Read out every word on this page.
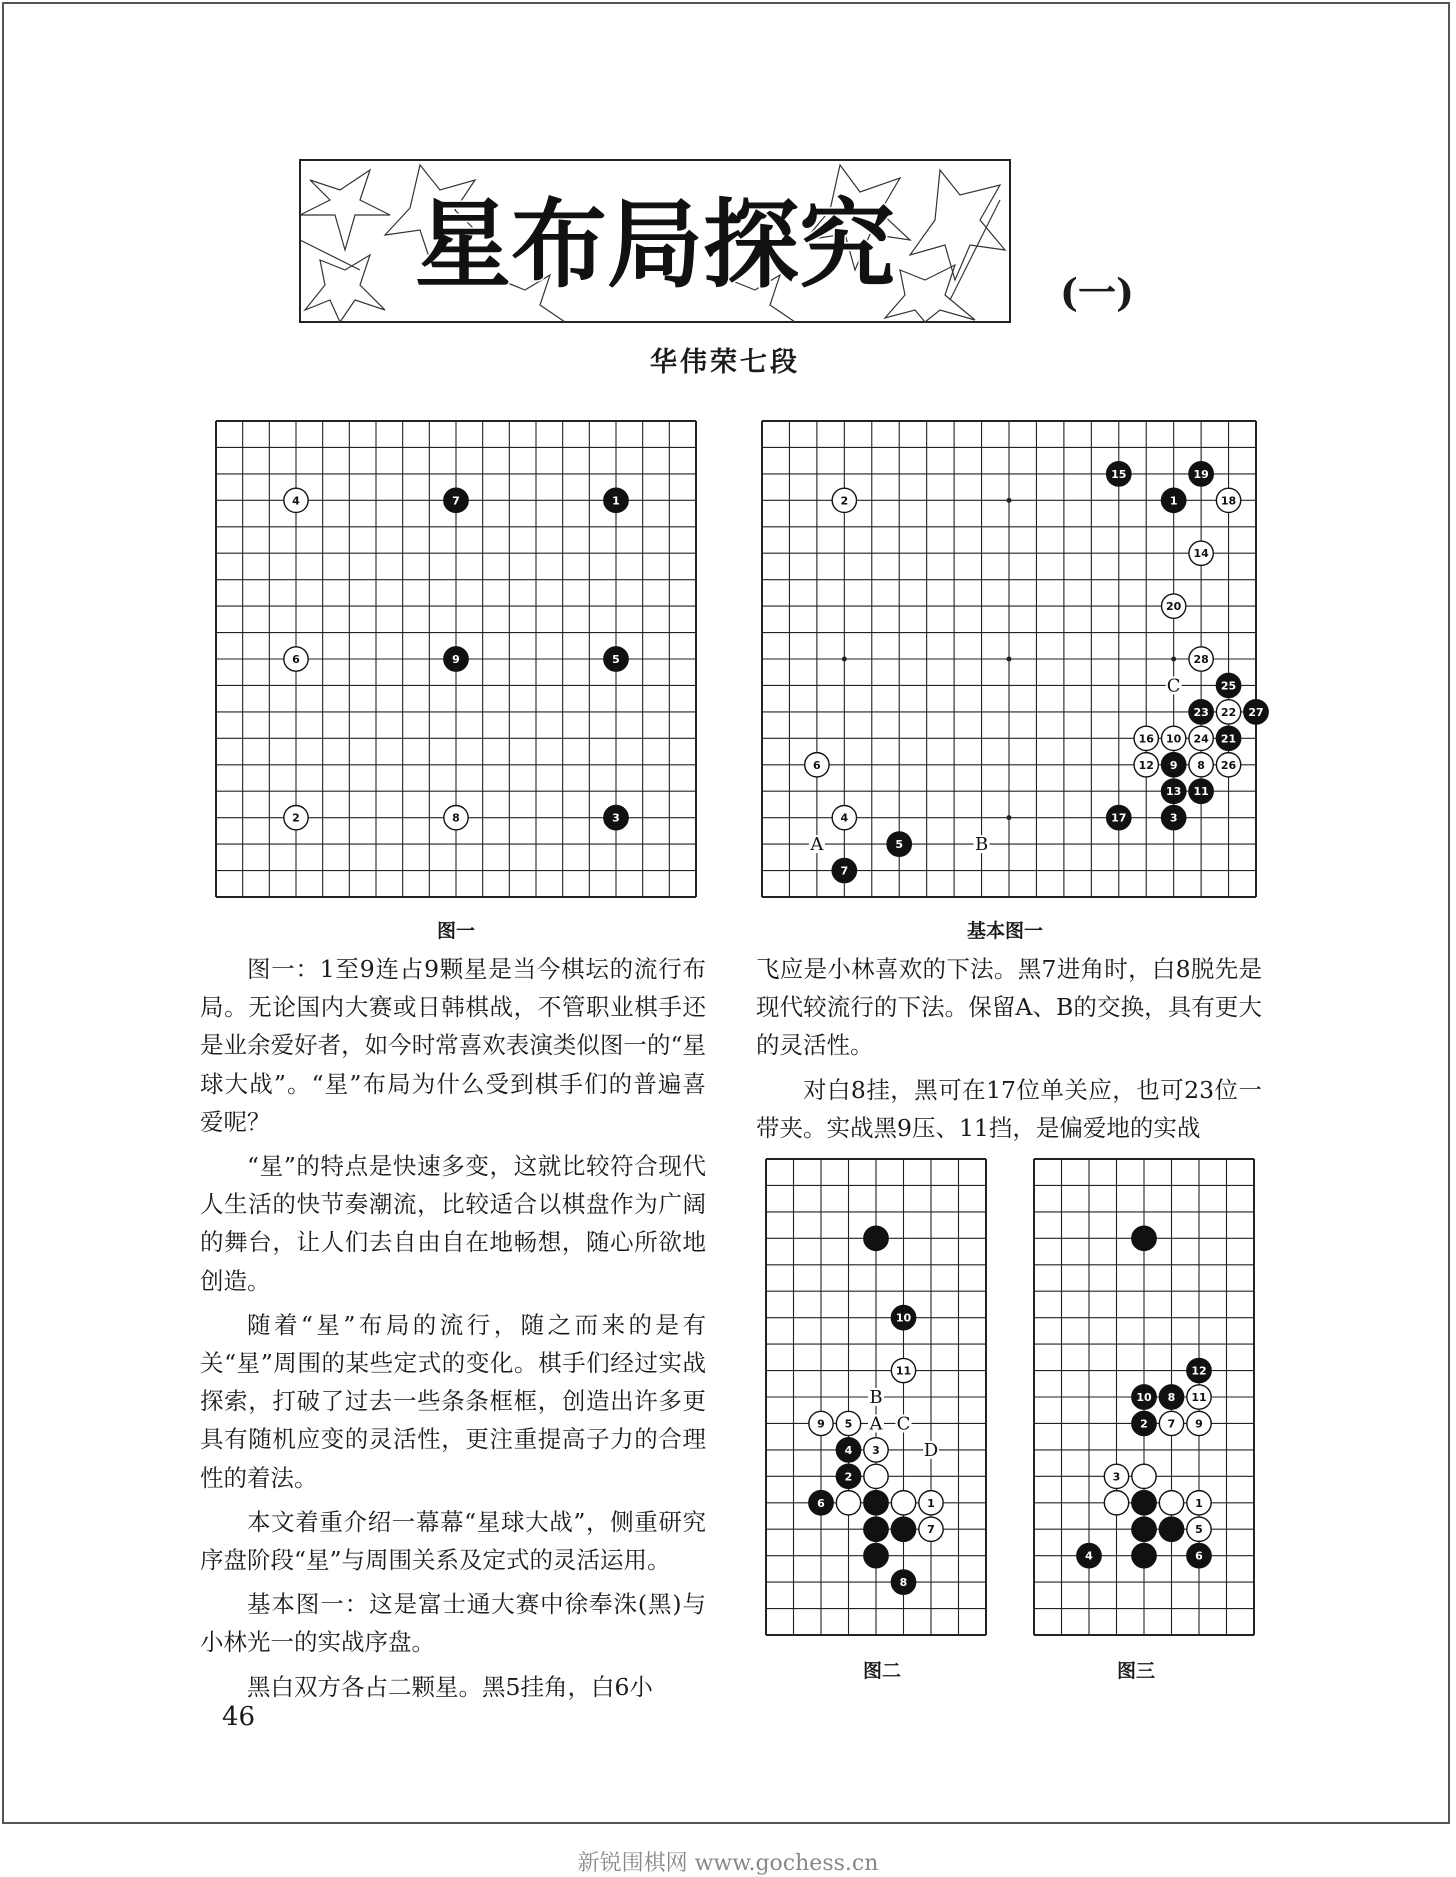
星布局探究	(一)
华伟荣七段
4	7	1
6	9	5
2	8	3
15	19
1	18
2
14
20
28
25
23 22 27
16 10 24 21
12 9 8 26
6
13 11
4	17	3
5
7
C
A	B
10
11
9 5
4 3
2
6	1
7
8
B
A C
D
12
10 8 11
2 7 9
3
1
5
4	6
图一	基本图一
图二	图三

图一：1至9连占9颗星是当今棋坛的流行布局。无论国内大赛或日韩棋战，不管职业棋手还是业余爱好者，如今时常喜欢表演类似图一的“星球大战”。“星”布局为什么受到棋手们的普遍喜爱呢？

“星”的特点是快速多变，这就比较符合现代人生活的快节奏潮流，比较适合以棋盘作为广阔的舞台，让人们去自由自在地畅想，随心所欲地创造。

随着“星”布局的流行，随之而来的是有关“星”周围的某些定式的变化。棋手们经过实战探索，打破了过去一些条条框框，创造出许多更具有随机应变的灵活性，更注重提高子力的合理性的着法。

本文着重介绍一幕幕“星球大战”，侧重研究序盘阶段“星”与周围关系及定式的灵活运用。

基本图一：这是富士通大赛中徐奉洙(黑)与小林光一的实战序盘。

黑白双方各占二颗星。黑5挂角，白6小

飞应是小林喜欢的下法。黑7进角时，白8脱先是现代较流行的下法。保留A、B的交换，具有更大的灵活性。

对白8挂，黑可在17位单关应，也可23位一带夹。实战黑9压、11挡，是偏爱地的实战

46
新锐围棋网 www.gochess.cn
